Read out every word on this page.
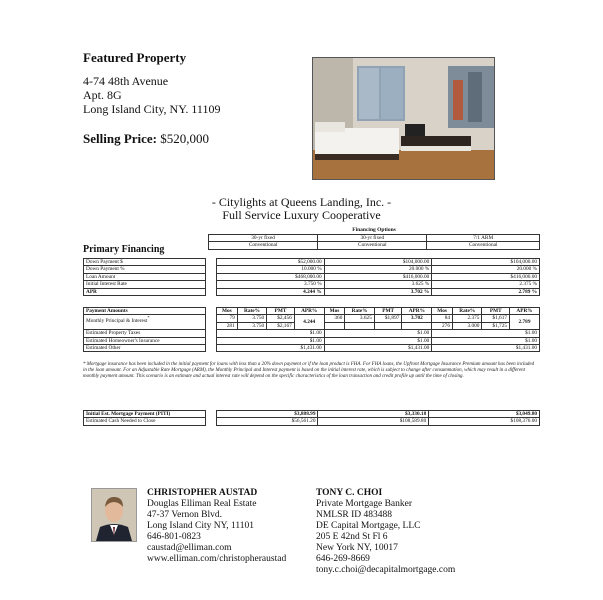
Featured Property
4-74 48th Avenue
Apt. 8G
Long Island City, NY. 11109
Selling Price: $520,000
- Citylights at Queens Landing, Inc. -
Full Service Luxury Cooperative
Primary Financing
Financing Options
30-yr fixed	30-yr fixed	7/1 ARM
Conventional	Conventional	Conventional
Down Payment $		$52,000.00	$104,000.00	$104,000.00
Down Payment %		10.000 %	20.000 %	20.000 %
Loan Amount		$468,000.00	$416,000.00	$416,000.00
Initial Interest Rate		3.750 %	3.625 %	2.375 %
APR		4.244 %	3.702 %	2.789 %
Payment Amounts		Mos	Rate%	PMT	APR%	Mos	Rate%	PMT	APR%	Mos	Rate%	PMT	APR%
Monthly Principal & Interest*		79	3.750	$2,456	4.244	360	3.625	$1,897	3.702	84	2.375	$1,617	2.789
		281	3.750	$2,167						276	3.000	$1,725	
Estimated Property Taxes		$1.00				$1.00				$1.00			
Estimated Homeowner's Insurance		$1.00				$1.00				$1.00			
Estimated Other		$1,431.00				$1,431.00				$1,431.00			
* Mortgage insurance has been included in the initial payment for loans with less than a 20% down payment or if the loan product is FHA. For FHA loans, the Upfront Mortgage Insurance Premium amount has been included in the loan amount. For an Adjustable Rate Mortgage (ARM), the Monthly Principal and Interest payment is based on the initial interest rate, which is subject to change after consummation, which may result in a different monthly payment amount. This scenario is an estimate and actual interest rate will depend on the specific characteristics of the loan transaction and credit profile up until the time of closing.
Initial Est. Mortgage Payment (PITI)		$3,888.99	$3,330.18	$3,049.80
Estimated Cash Needed to Close		$56,561.20	$108,589.80	$108,376.00
CHRISTOPHER AUSTAD
Douglas Elliman Real Estate
47-37 Vernon Blvd.
Long Island City NY, 11101
646-801-0823
caustad@elliman.com
www.elliman.com/christopheraustad
TONY C. CHOI
Private Mortgage Banker
NMLSR ID 483488
DE Capital Mortgage, LLC
205 E 42nd St Fl 6
New York NY, 10017
646-269-8669
tony.c.choi@decapitalmortgage.com
